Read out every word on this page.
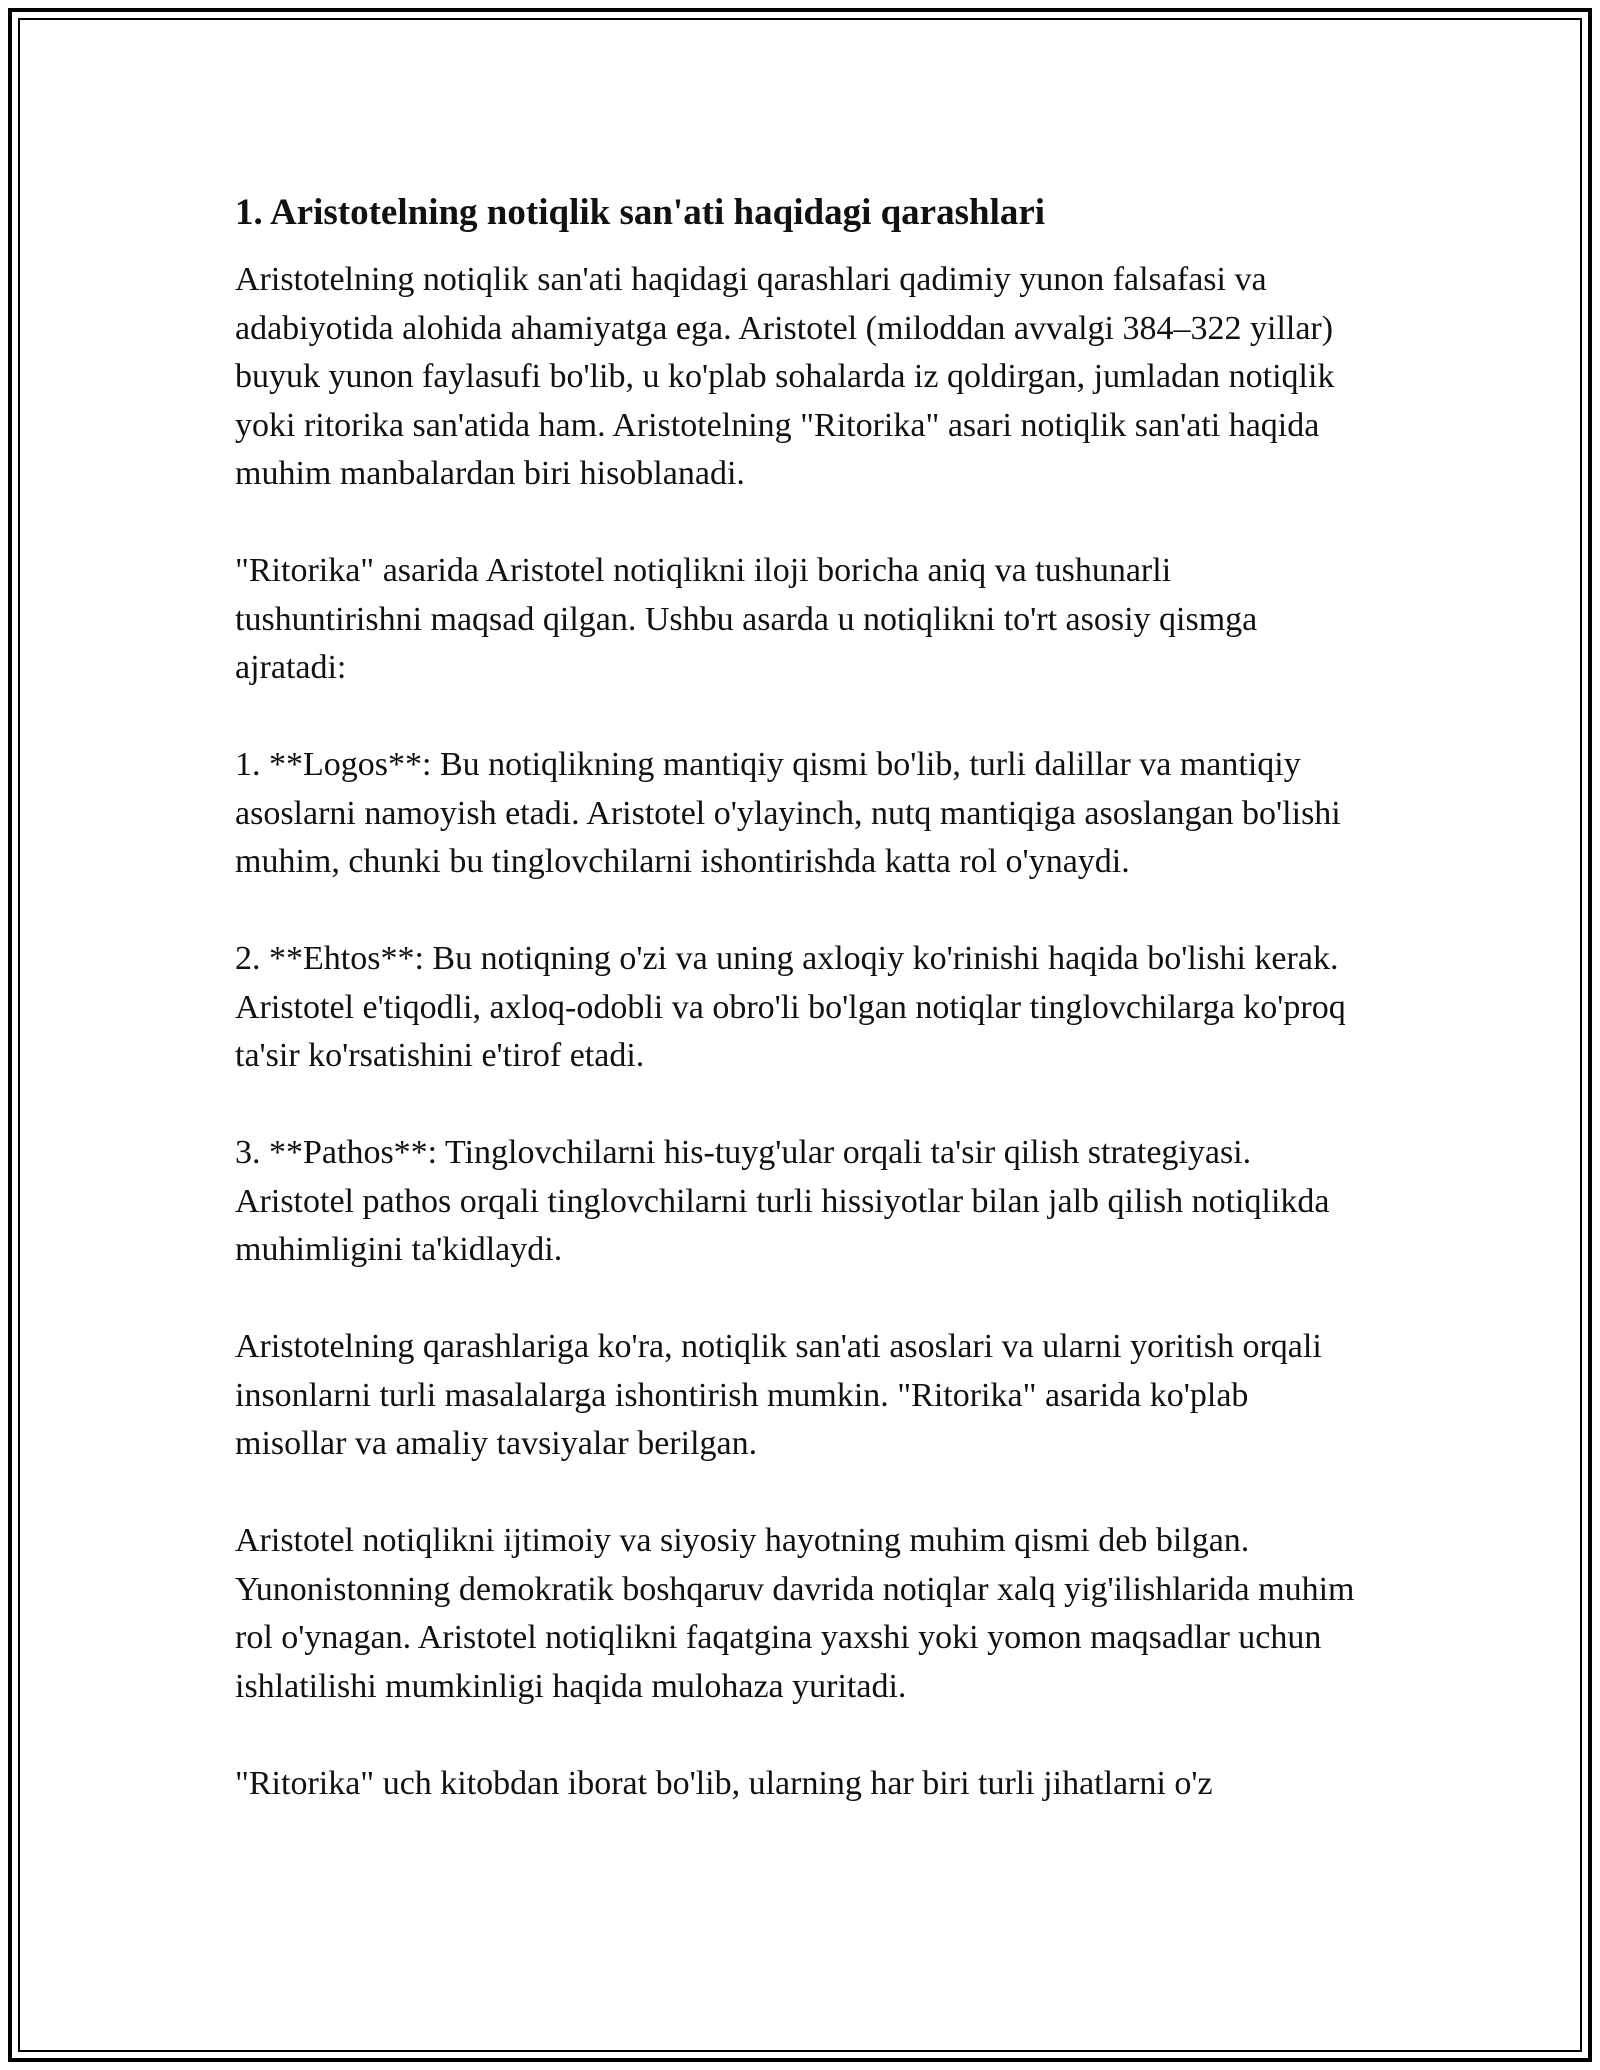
1. Aristotelning notiqlik san'ati haqidagi qarashlari

Aristotelning notiqlik san'ati haqidagi qarashlari qadimiy yunon falsafasi va adabiyotida alohida ahamiyatga ega. Aristotel (miloddan avvalgi 384–322 yillar) buyuk yunon faylasufi bo'lib, u ko'plab sohalarda iz qoldirgan, jumladan notiqlik yoki ritorika san'atida ham. Aristotelning "Ritorika" asari notiqlik san'ati haqida muhim manbalardan biri hisoblanadi.

"Ritorika" asarida Aristotel notiqlikni iloji boricha aniq va tushunarli tushuntirishni maqsad qilgan. Ushbu asarda u notiqlikni to'rt asosiy qismga ajratadi:

1. **Logos**: Bu notiqlikning mantiqiy qismi bo'lib, turli dalillar va mantiqiy asoslarni namoyish etadi. Aristotel o'ylayinch, nutq mantiqiga asoslangan bo'lishi muhim, chunki bu tinglovchilarni ishontirishda katta rol o'ynaydi.

2. **Ehtos**: Bu notiqning o'zi va uning axloqiy ko'rinishi haqida bo'lishi kerak. Aristotel e'tiqodli, axloq-odobli va obro'li bo'lgan notiqlar tinglovchilarga ko'proq ta'sir ko'rsatishini e'tirof etadi.

3. **Pathos**: Tinglovchilarni his-tuyg'ular orqali ta'sir qilish strategiyasi. Aristotel pathos orqali tinglovchilarni turli hissiyotlar bilan jalb qilish notiqlikda muhimligini ta'kidlaydi.

Aristotelning qarashlariga ko'ra, notiqlik san'ati asoslari va ularni yoritish orqali insonlarni turli masalalarga ishontirish mumkin. "Ritorika" asarida ko'plab misollar va amaliy tavsiyalar berilgan.

Aristotel notiqlikni ijtimoiy va siyosiy hayotning muhim qismi deb bilgan. Yunonistonning demokratik boshqaruv davrida notiqlar xalq yig'ilishlarida muhim rol o'ynagan. Aristotel notiqlikni faqatgina yaxshi yoki yomon maqsadlar uchun ishlatilishi mumkinligi haqida mulohaza yuritadi.

"Ritorika" uch kitobdan iborat bo'lib, ularning har biri turli jihatlarni o'z
